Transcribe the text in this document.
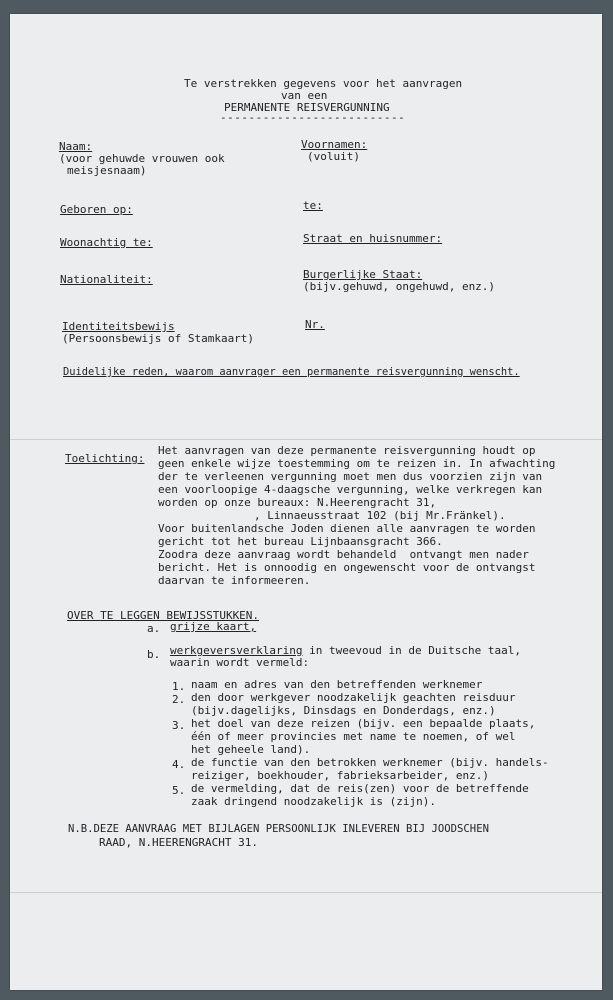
Te verstrekken gegevens voor het aanvragen
van een
PERMANENTE REISVERGUNNING
--------------------------
Naam:
(voor gehuwde vrouwen ook
meisjesnaam)
Voornamen:
(voluit)
Geboren op:	te:
Woonachtig te:	Straat en huisnummer:
Nationaliteit:	Burgerlijke Staat:
(bijv.gehuwd, ongehuwd, enz.)
Identiteitsbewijs
(Persoonsbewijs of Stamkaart)
Nr.
Duidelijke reden, waarom aanvrager een permanente reisvergunning wenscht.
Toelichting:
Het aanvragen van deze permanente reisvergunning houdt op
geen enkele wijze toestemming om te reizen in. In afwachting
der te verleenen vergunning moet men dus voorzien zijn van
een voorloopige 4-daagsche vergunning, welke verkregen kan
worden op onze bureaux: N.Heerengracht 31,
, Linnaeusstraat 102 (bij Mr.Fränkel).
Voor buitenlandsche Joden dienen alle aanvragen te worden
gericht tot het bureau Lijnbaansgracht 366.
Zoodra deze aanvraag wordt behandeld  ontvangt men nader
bericht. Het is onnoodig en ongewenscht voor de ontvangst
daarvan te informeeren.
OVER TE LEGGEN BEWIJSSTUKKEN.
a. grijze kaart,
b. werkgeversverklaring in tweevoud in de Duitsche taal,
waarin wordt vermeld:
1. naam en adres van den betreffenden werknemer
2. den door werkgever noodzakelijk geachten reisduur
(bijv.dagelijks, Dinsdags en Donderdags, enz.)
3. het doel van deze reizen (bijv. een bepaalde plaats,
één of meer provincies met name te noemen, of wel
het geheele land).
4. de functie van den betrokken werknemer (bijv. handels-
reiziger, boekhouder, fabrieksarbeider, enz.)
5. de vermelding, dat de reis(zen) voor de betreffende
zaak dringend noodzakelijk is (zijn).
N.B.DEZE AANVRAAG MET BIJLAGEN PERSOONLIJK INLEVEREN BIJ JOODSCHEN
RAAD, N.HEERENGRACHT 31.
